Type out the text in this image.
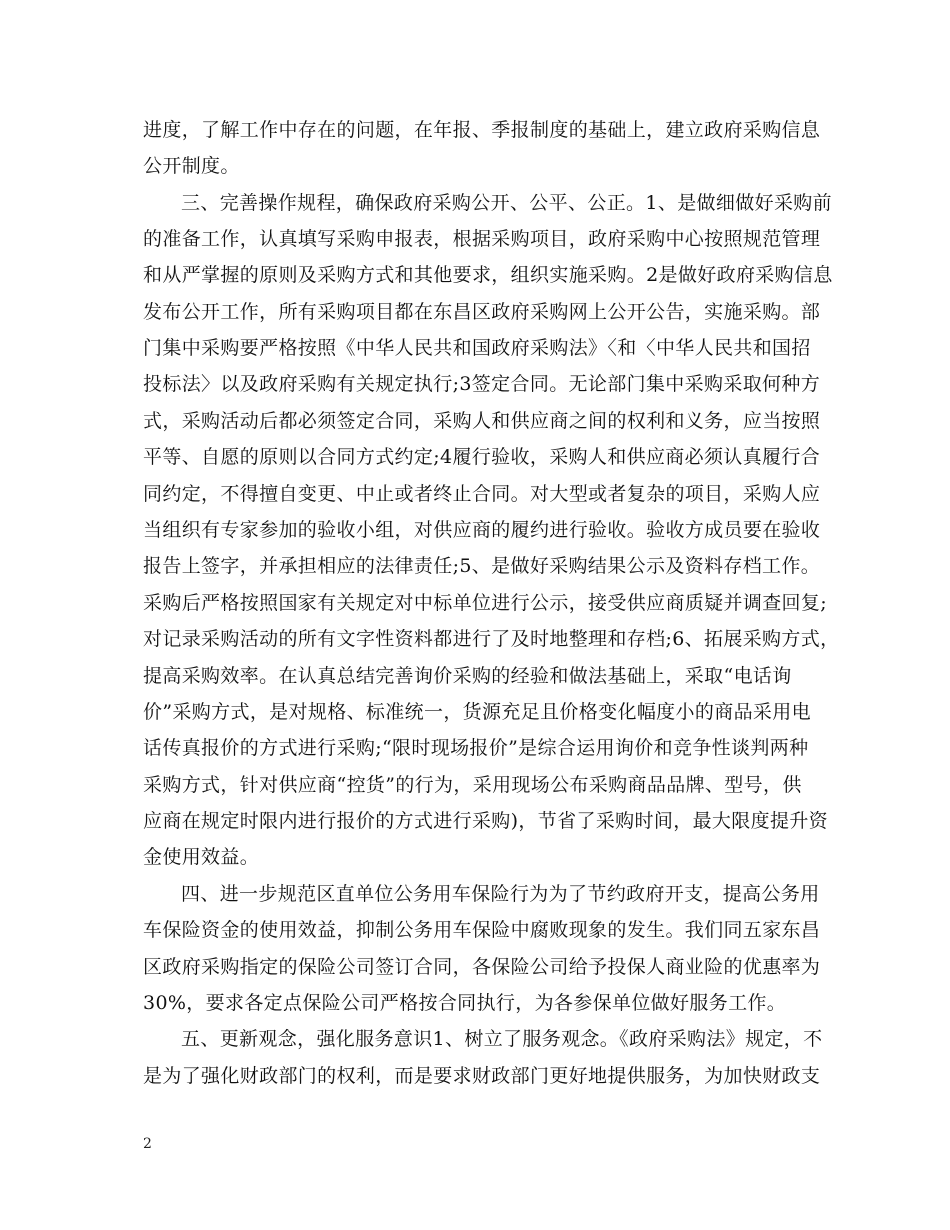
进度，了解工作中存在的问题，在年报、季报制度的基础上，建立政府采购信息
公开制度。
三、完善操作规程，确保政府采购公开、公平、公正。1、是做细做好采购前
的准备工作，认真填写采购申报表，根据采购项目，政府采购中心按照规范管理
和从严掌握的原则及采购方式和其他要求，组织实施采购。2是做好政府采购信息
发布公开工作，所有采购项目都在东昌区政府采购网上公开公告，实施采购。部
门集中采购要严格按照《中华人民共和国政府采购法》〈和〈中华人民共和国招
投标法〉以及政府采购有关规定执行;3签定合同。无论部门集中采购采取何种方
式，采购活动后都必须签定合同，采购人和供应商之间的权利和义务，应当按照
平等、自愿的原则以合同方式约定;4履行验收，采购人和供应商必须认真履行合
同约定，不得擅自变更、中止或者终止合同。对大型或者复杂的项目，采购人应
当组织有专家参加的验收小组，对供应商的履约进行验收。验收方成员要在验收
报告上签字，并承担相应的法律责任;5、是做好采购结果公示及资料存档工作。
采购后严格按照国家有关规定对中标单位进行公示，接受供应商质疑并调查回复;
对记录采购活动的所有文字性资料都进行了及时地整理和存档;6、拓展采购方式，
提高采购效率。在认真总结完善询价采购的经验和做法基础上，采取“电话询
价”采购方式，是对规格、标准统一，货源充足且价格变化幅度小的商品采用电
话传真报价的方式进行采购;“限时现场报价”是综合运用询价和竞争性谈判两种
采购方式，针对供应商“控货”的行为，采用现场公布采购商品品牌、型号，供
应商在规定时限内进行报价的方式进行采购)，节省了采购时间，最大限度提升资
金使用效益。
四、进一步规范区直单位公务用车保险行为为了节约政府开支，提高公务用
车保险资金的使用效益，抑制公务用车保险中腐败现象的发生。我们同五家东昌
区政府采购指定的保险公司签订合同，各保险公司给予投保人商业险的优惠率为
30%，要求各定点保险公司严格按合同执行，为各参保单位做好服务工作。
五、更新观念，强化服务意识1、树立了服务观念。《政府采购法》规定，不
是为了强化财政部门的权利，而是要求财政部门更好地提供服务，为加快财政支
2
